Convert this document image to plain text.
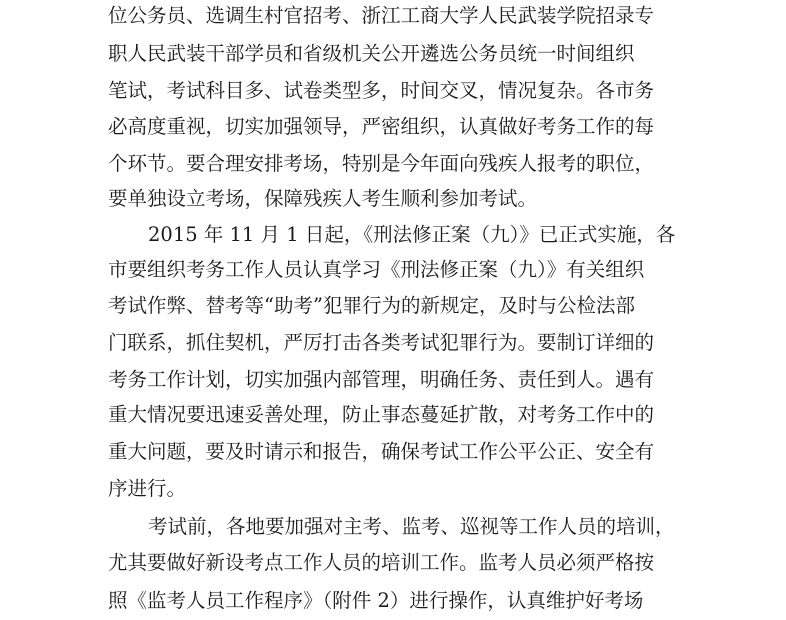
位公务员、选调生村官招考、浙江工商大学人民武装学院招录专
职人民武装干部学员和省级机关公开遴选公务员统一时间组织
笔试，考试科目多、试卷类型多，时间交叉，情况复杂。各市务
必高度重视，切实加强领导，严密组织，认真做好考务工作的每
个环节。要合理安排考场，特别是今年面向残疾人报考的职位，
要单独设立考场，保障残疾人考生顺利参加考试。
2015 年 11 月 1 日起，《刑法修正案（九）》已正式实施，各
市要组织考务工作人员认真学习《刑法修正案（九）》有关组织
考试作弊、替考等“助考”犯罪行为的新规定，及时与公检法部
门联系，抓住契机，严厉打击各类考试犯罪行为。要制订详细的
考务工作计划，切实加强内部管理，明确任务、责任到人。遇有
重大情况要迅速妥善处理，防止事态蔓延扩散，对考务工作中的
重大问题，要及时请示和报告，确保考试工作公平公正、安全有
序进行。
考试前，各地要加强对主考、监考、巡视等工作人员的培训，
尤其要做好新设考点工作人员的培训工作。监考人员必须严格按
照《监考人员工作程序》（附件 2）进行操作，认真维护好考场
